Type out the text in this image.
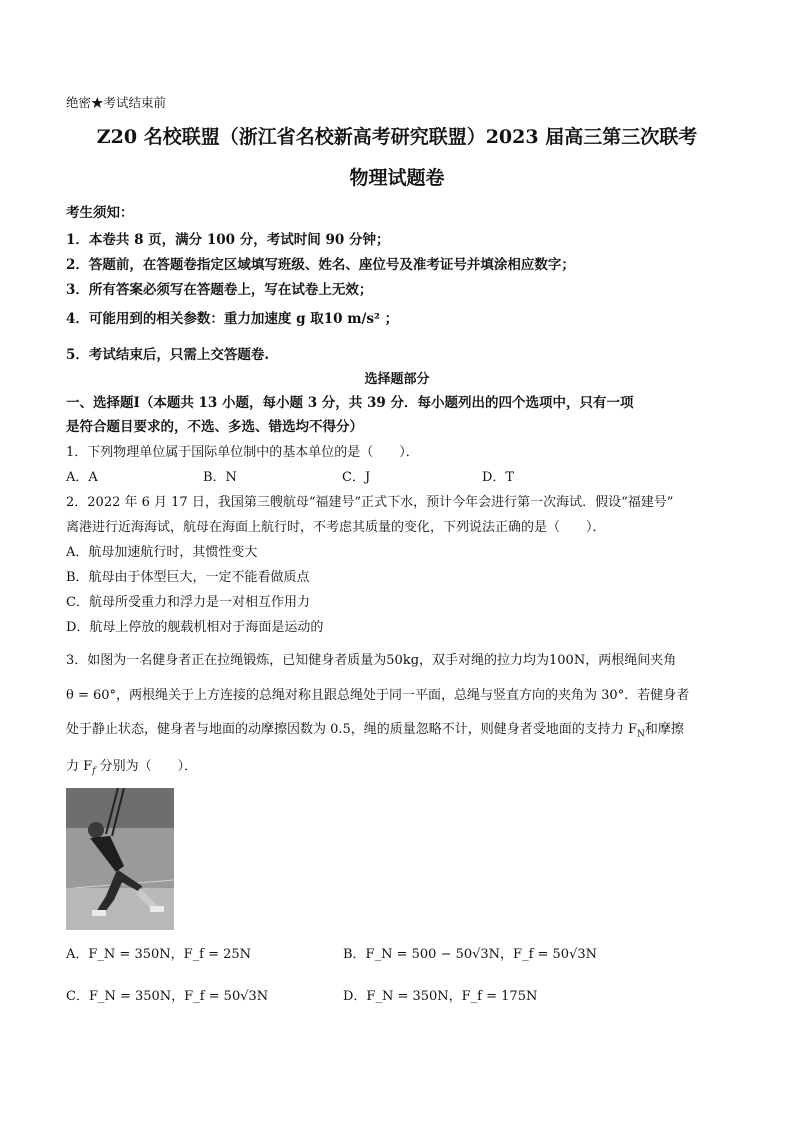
绝密★考试结束前
Z20 名校联盟（浙江省名校新高考研究联盟）2023 届高三第三次联考
物理试题卷
考生须知：
1．本卷共 8 页，满分 100 分，考试时间 90 分钟；
2．答题前，在答题卷指定区域填写班级、姓名、座位号及准考证号并填涂相应数字；
3．所有答案必须写在答题卷上，写在试卷上无效；
4．可能用到的相关参数：重力加速度 g 取10 m/s² ；
5．考试结束后，只需上交答题卷.
选择题部分
一、选择题Ⅰ（本题共 13 小题，每小题 3 分，共 39 分．每小题列出的四个选项中，只有一项
是符合题目要求的，不选、多选、错选均不得分）
1．下列物理单位属于国际单位制中的基本单位的是（　　）．
A．A	B．N	C．J	D．T
2．2022 年 6 月 17 日，我国第三艘航母“福建号”正式下水，预计今年会进行第一次海试．假设“福建号”
离港进行近海海试，航母在海面上航行时，不考虑其质量的变化，下列说法正确的是（　　）．
A．航母加速航行时，其惯性变大
B．航母由于体型巨大，一定不能看做质点
C．航母所受重力和浮力是一对相互作用力
D．航母上停放的舰载机相对于海面是运动的
3．如图为一名健身者正在拉绳锻炼，已知健身者质量为50kg，双手对绳的拉力均为100N，两根绳间夹角
θ = 60°，两根绳关于上方连接的总绳对称且跟总绳处于同一平面，总绳与竖直方向的夹角为 30°．若健身者
处于静止状态，健身者与地面的动摩擦因数为 0.5，绳的质量忽略不计，则健身者受地面的支持力 $F_N$和摩擦
力 $F_f$ 分别为（　　）．
A．F_N = 350N，F_f = 25N	B．F_N = 500 − 50√3N，F_f = 50√3N
C．F_N = 350N，F_f = 50√3N	D．F_N = 350N，F_f = 175N
